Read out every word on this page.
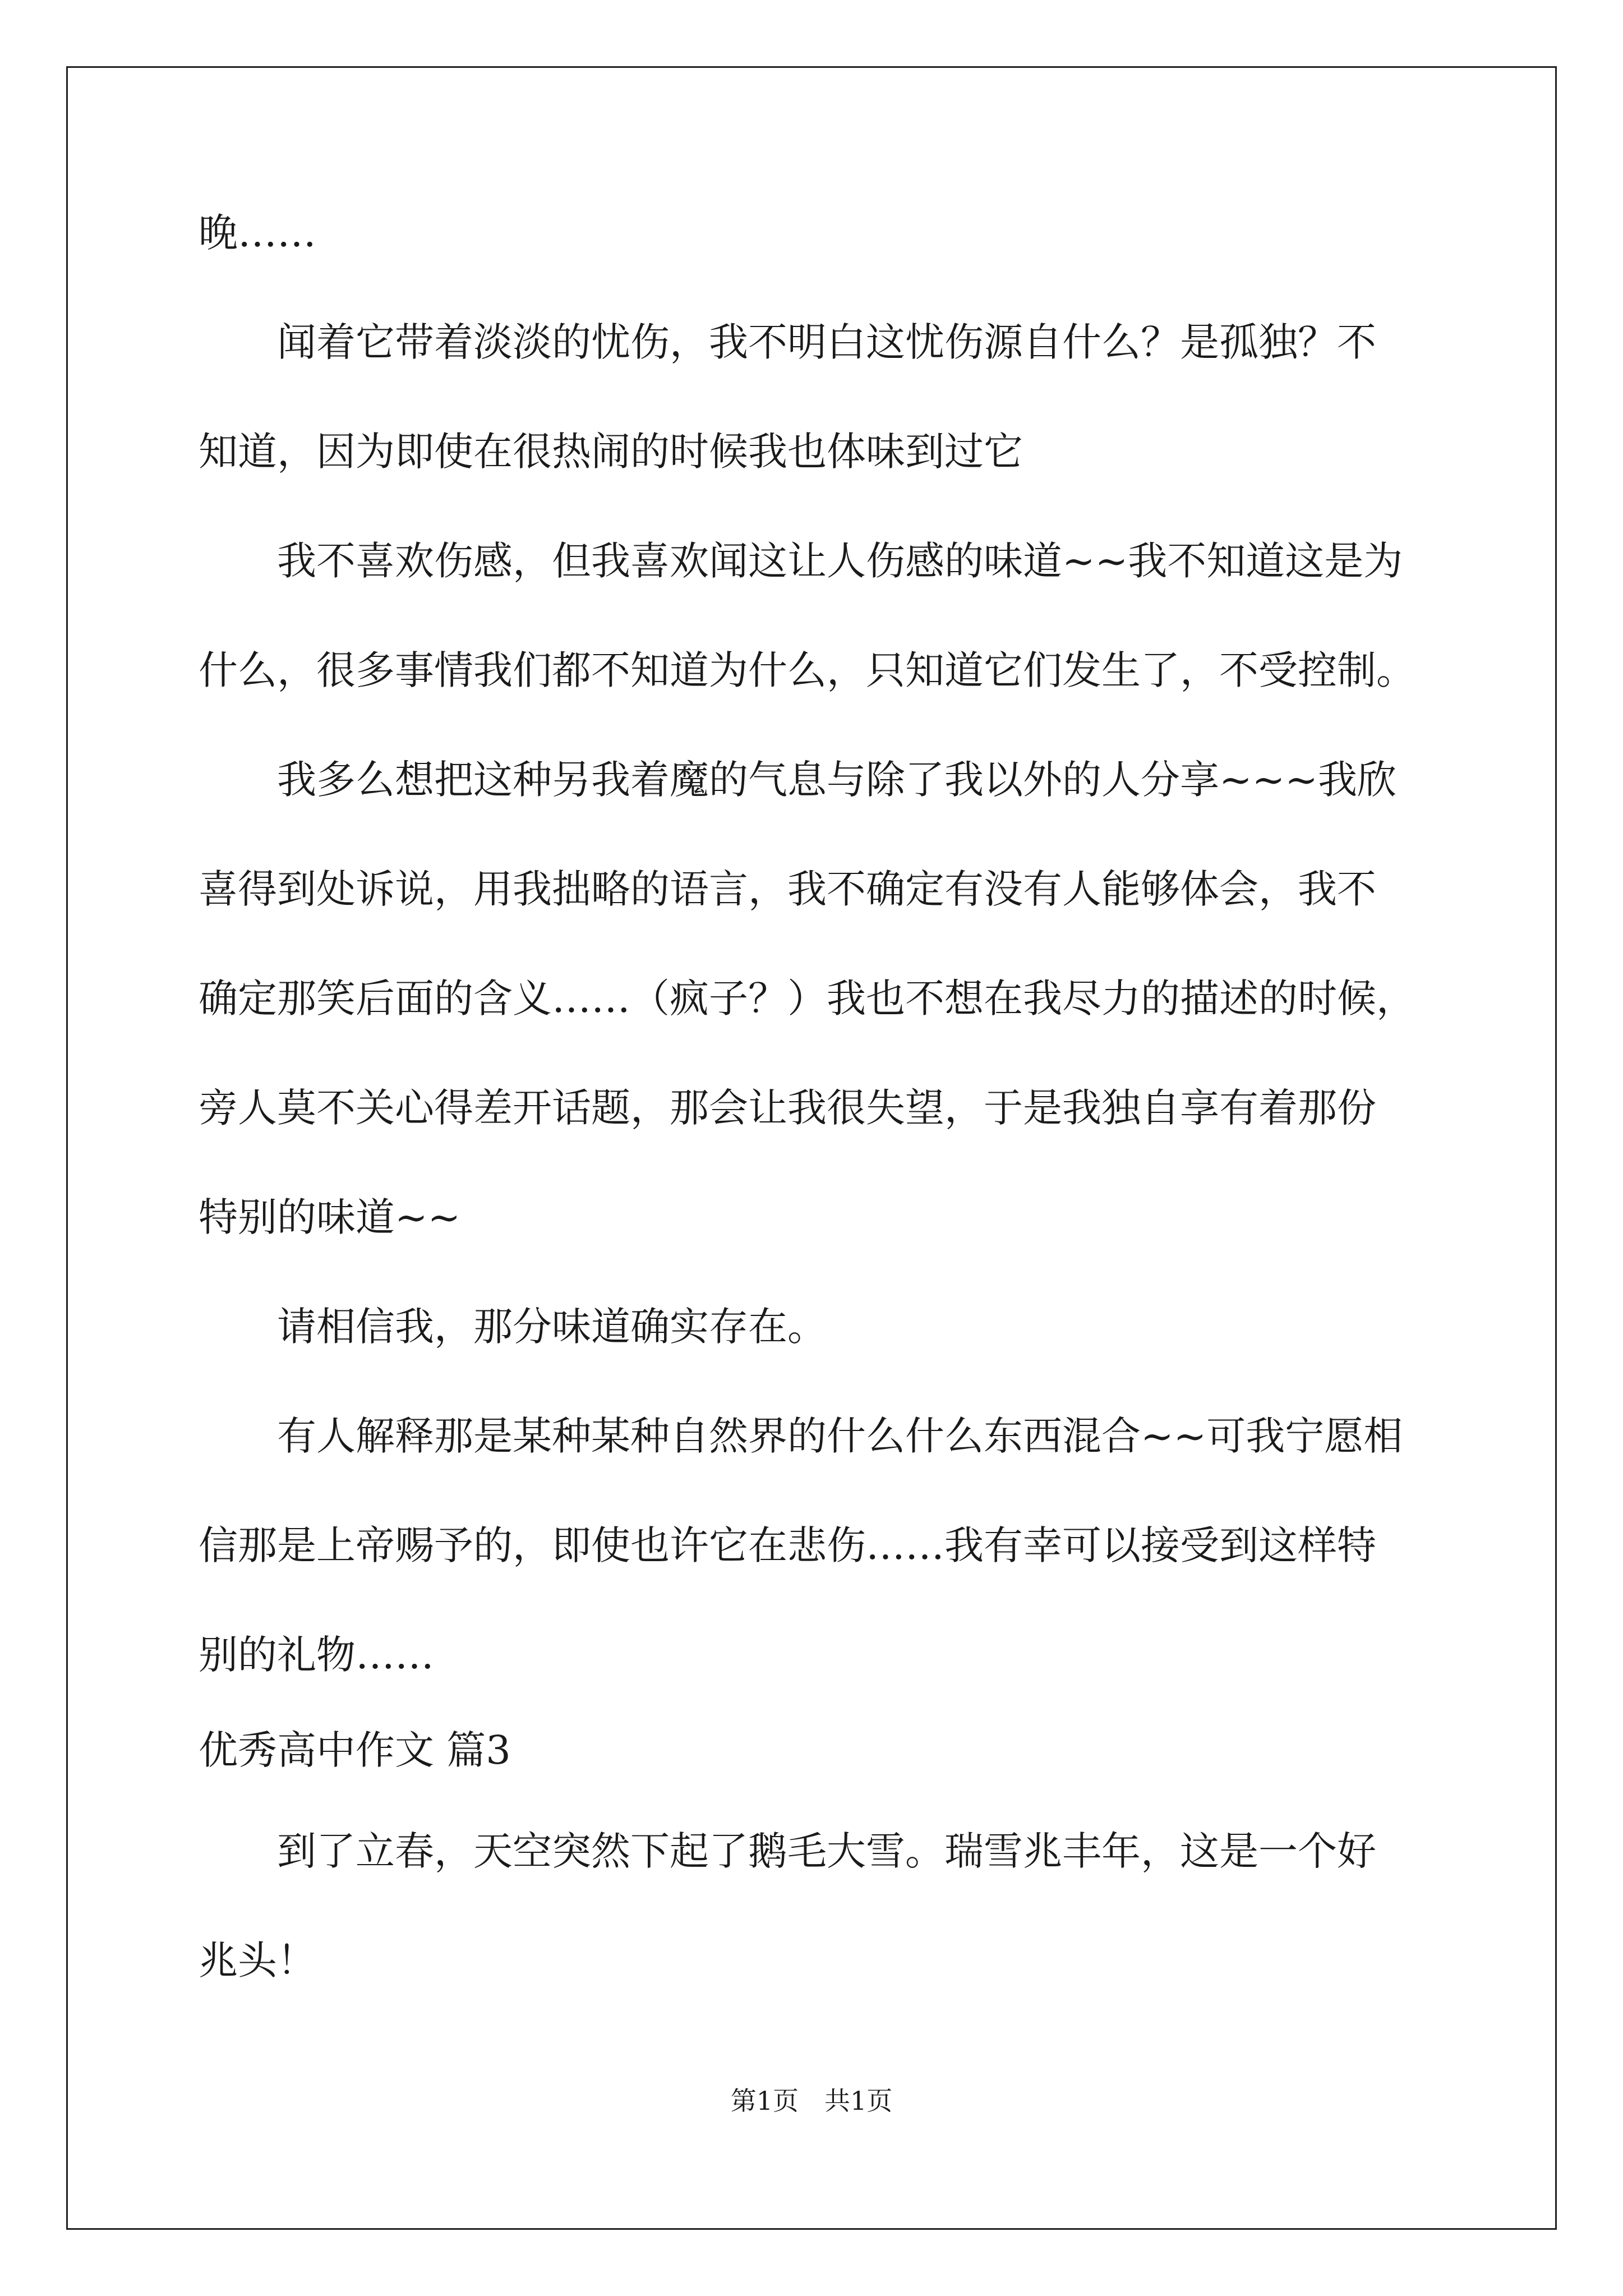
晚……

　　闻着它带着淡淡的忧伤，我不明白这忧伤源自什么？是孤独？不

知道，因为即使在很热闹的时候我也体味到过它

　　我不喜欢伤感，但我喜欢闻这让人伤感的味道~~我不知道这是为

什么，很多事情我们都不知道为什么，只知道它们发生了，不受控制。

　　我多么想把这种另我着魔的气息与除了我以外的人分享~~~我欣

喜得到处诉说，用我拙略的语言，我不确定有没有人能够体会，我不

确定那笑后面的含义……（疯子？）我也不想在我尽力的描述的时候，

旁人莫不关心得差开话题，那会让我很失望，于是我独自享有着那份

特别的味道~~

　　请相信我，那分味道确实存在。

　　有人解释那是某种某种自然界的什么什么东西混合~~可我宁愿相

信那是上帝赐予的，即使也许它在悲伤……我有幸可以接受到这样特

别的礼物……

优秀高中作文 篇3

　　到了立春，天空突然下起了鹅毛大雪。瑞雪兆丰年，这是一个好

兆头！

第1页　共1页
